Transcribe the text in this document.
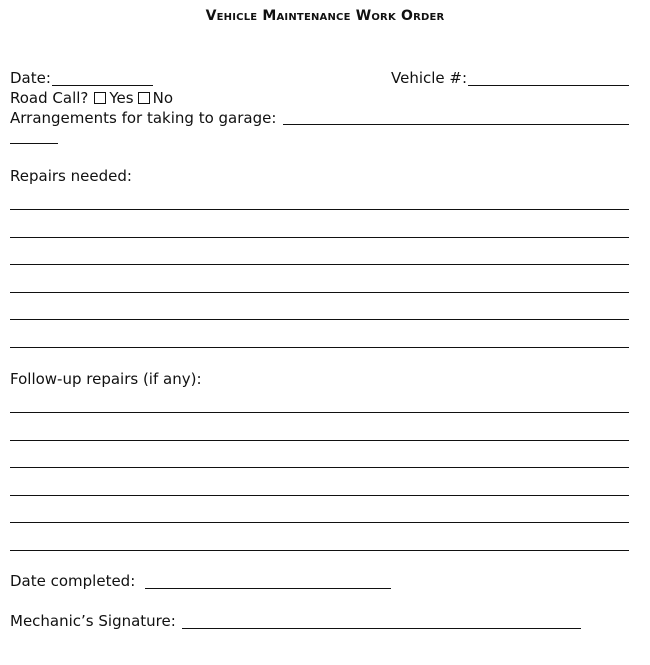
Vehicle Maintenance Work Order
Date:	Vehicle #:
Road Call? Yes No
Arrangements for taking to garage:
Repairs needed:
Follow-up repairs (if any):
Date completed:
Mechanic’s Signature:
